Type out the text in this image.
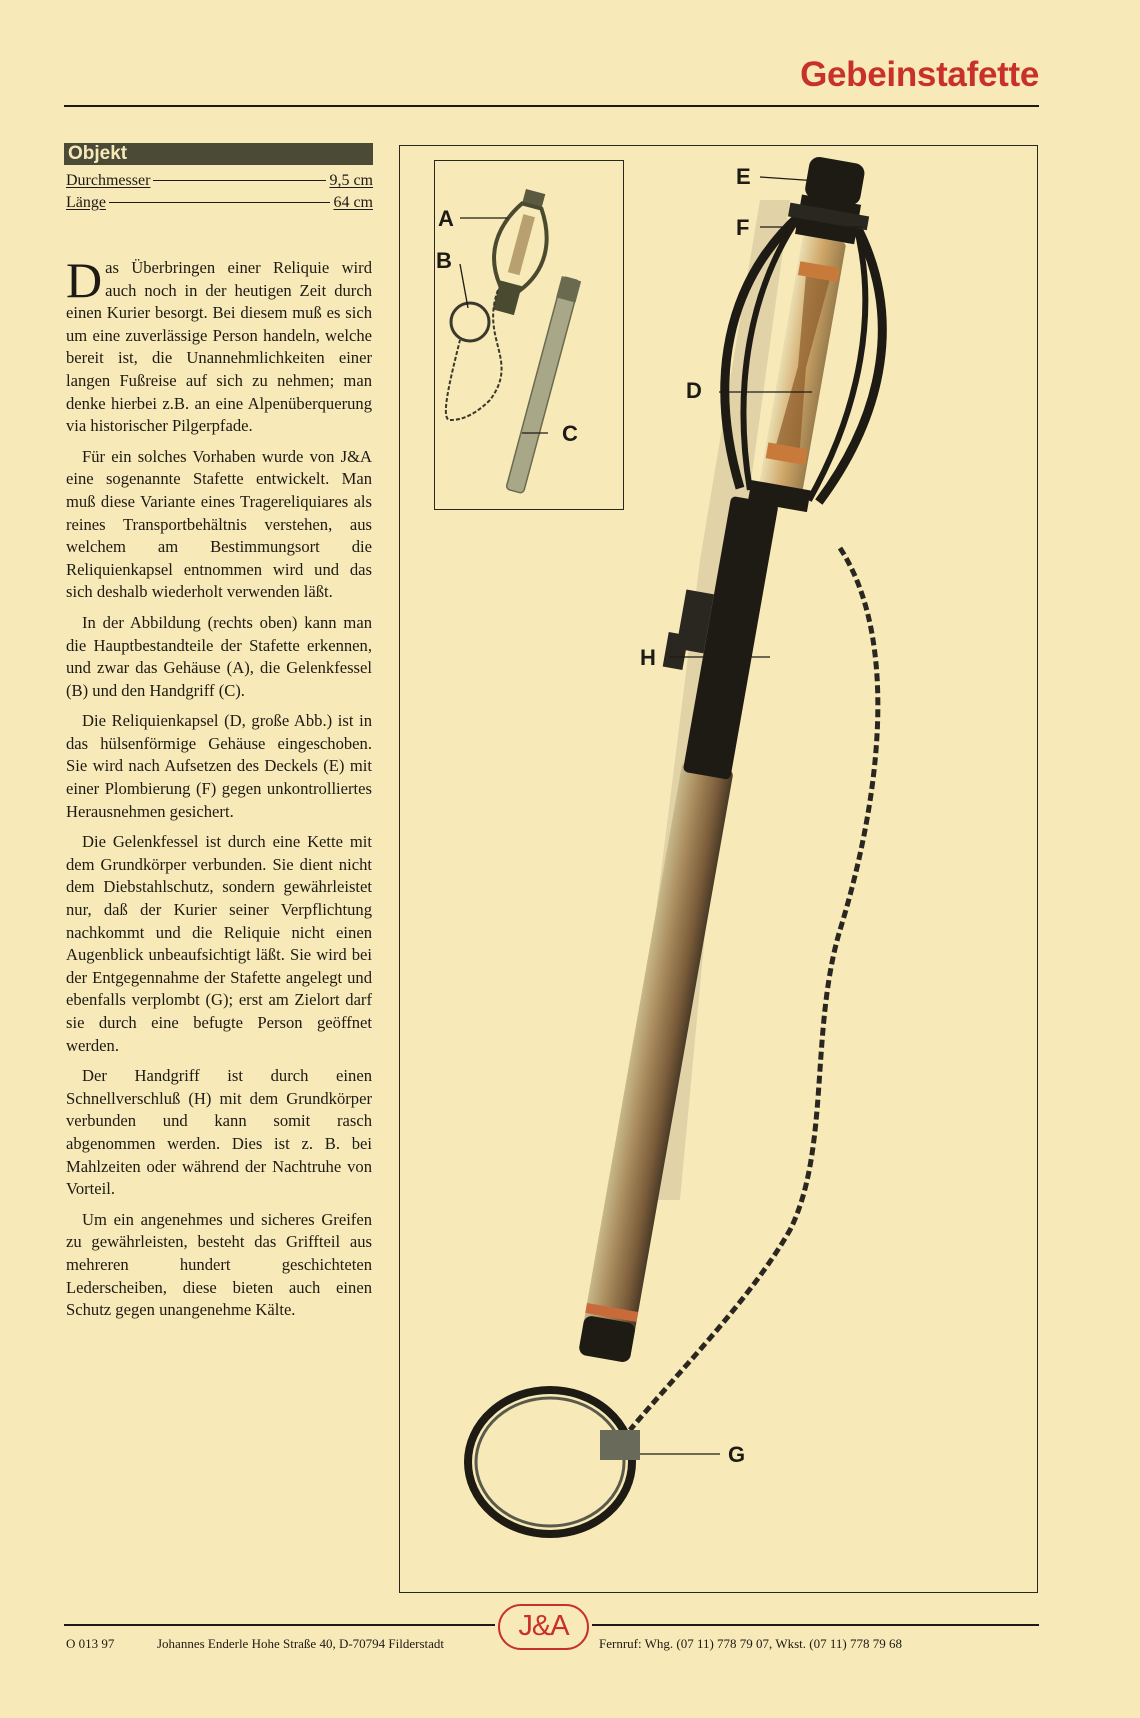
Gebeinstafette
Objekt
Durchmesser	9,5 cm
Länge	64 cm

Das Überbringen einer Reliquie wird auch noch in der heutigen Zeit durch einen Kurier besorgt. Bei diesem muß es sich um eine zuverlässige Person handeln, welche bereit ist, die Unannehmlichkeiten einer langen Fußreise auf sich zu nehmen; man denke hierbei z.B. an eine Alpenüberquerung via historischer Pilgerpfade.

Für ein solches Vorhaben wurde von J&A eine sogenannte Stafette entwickelt. Man muß diese Variante eines Tragereliquiares als reines Transportbehältnis verstehen, aus welchem am Bestimmungsort die Reliquienkapsel entnommen wird und das sich deshalb wiederholt verwenden läßt.

In der Abbildung (rechts oben) kann man die Hauptbestandteile der Stafette erkennen, und zwar das Gehäuse (A), die Gelenkfessel (B) und den Handgriff (C).

Die Reliquienkapsel (D, große Abb.) ist in das hülsenförmige Gehäuse eingeschoben. Sie wird nach Aufsetzen des Deckels (E) mit einer Plombierung (F) gegen unkontrolliertes Herausnehmen gesichert.

Die Gelenkfessel ist durch eine Kette mit dem Grundkörper verbunden. Sie dient nicht dem Diebstahlschutz, sondern gewährleistet nur, daß der Kurier seiner Verpflichtung nachkommt und die Reliquie nicht einen Augenblick unbeaufsichtigt läßt. Sie wird bei der Entgegennahme der Stafette angelegt und ebenfalls verplombt (G); erst am Zielort darf sie durch eine befugte Person geöffnet werden.

Der Handgriff ist durch einen Schnellverschluß (H) mit dem Grundkörper verbunden und kann somit rasch abgenommen werden. Dies ist z. B. bei Mahlzeiten oder während der Nachtruhe von Vorteil.

Um ein angenehmes und sicheres Greifen zu gewährleisten, besteht das Griffteil aus mehreren hundert geschichteten Lederscheiben, diese bieten auch einen Schutz gegen unangenehme Kälte.

A
B
C
D
E
F
G
H
J&A
O 013 97	Johannes Enderle Hohe Straße 40, D-70794 Filderstadt	Fernruf: Whg. (07 11) 778 79 07, Wkst. (07 11) 778 79 68
